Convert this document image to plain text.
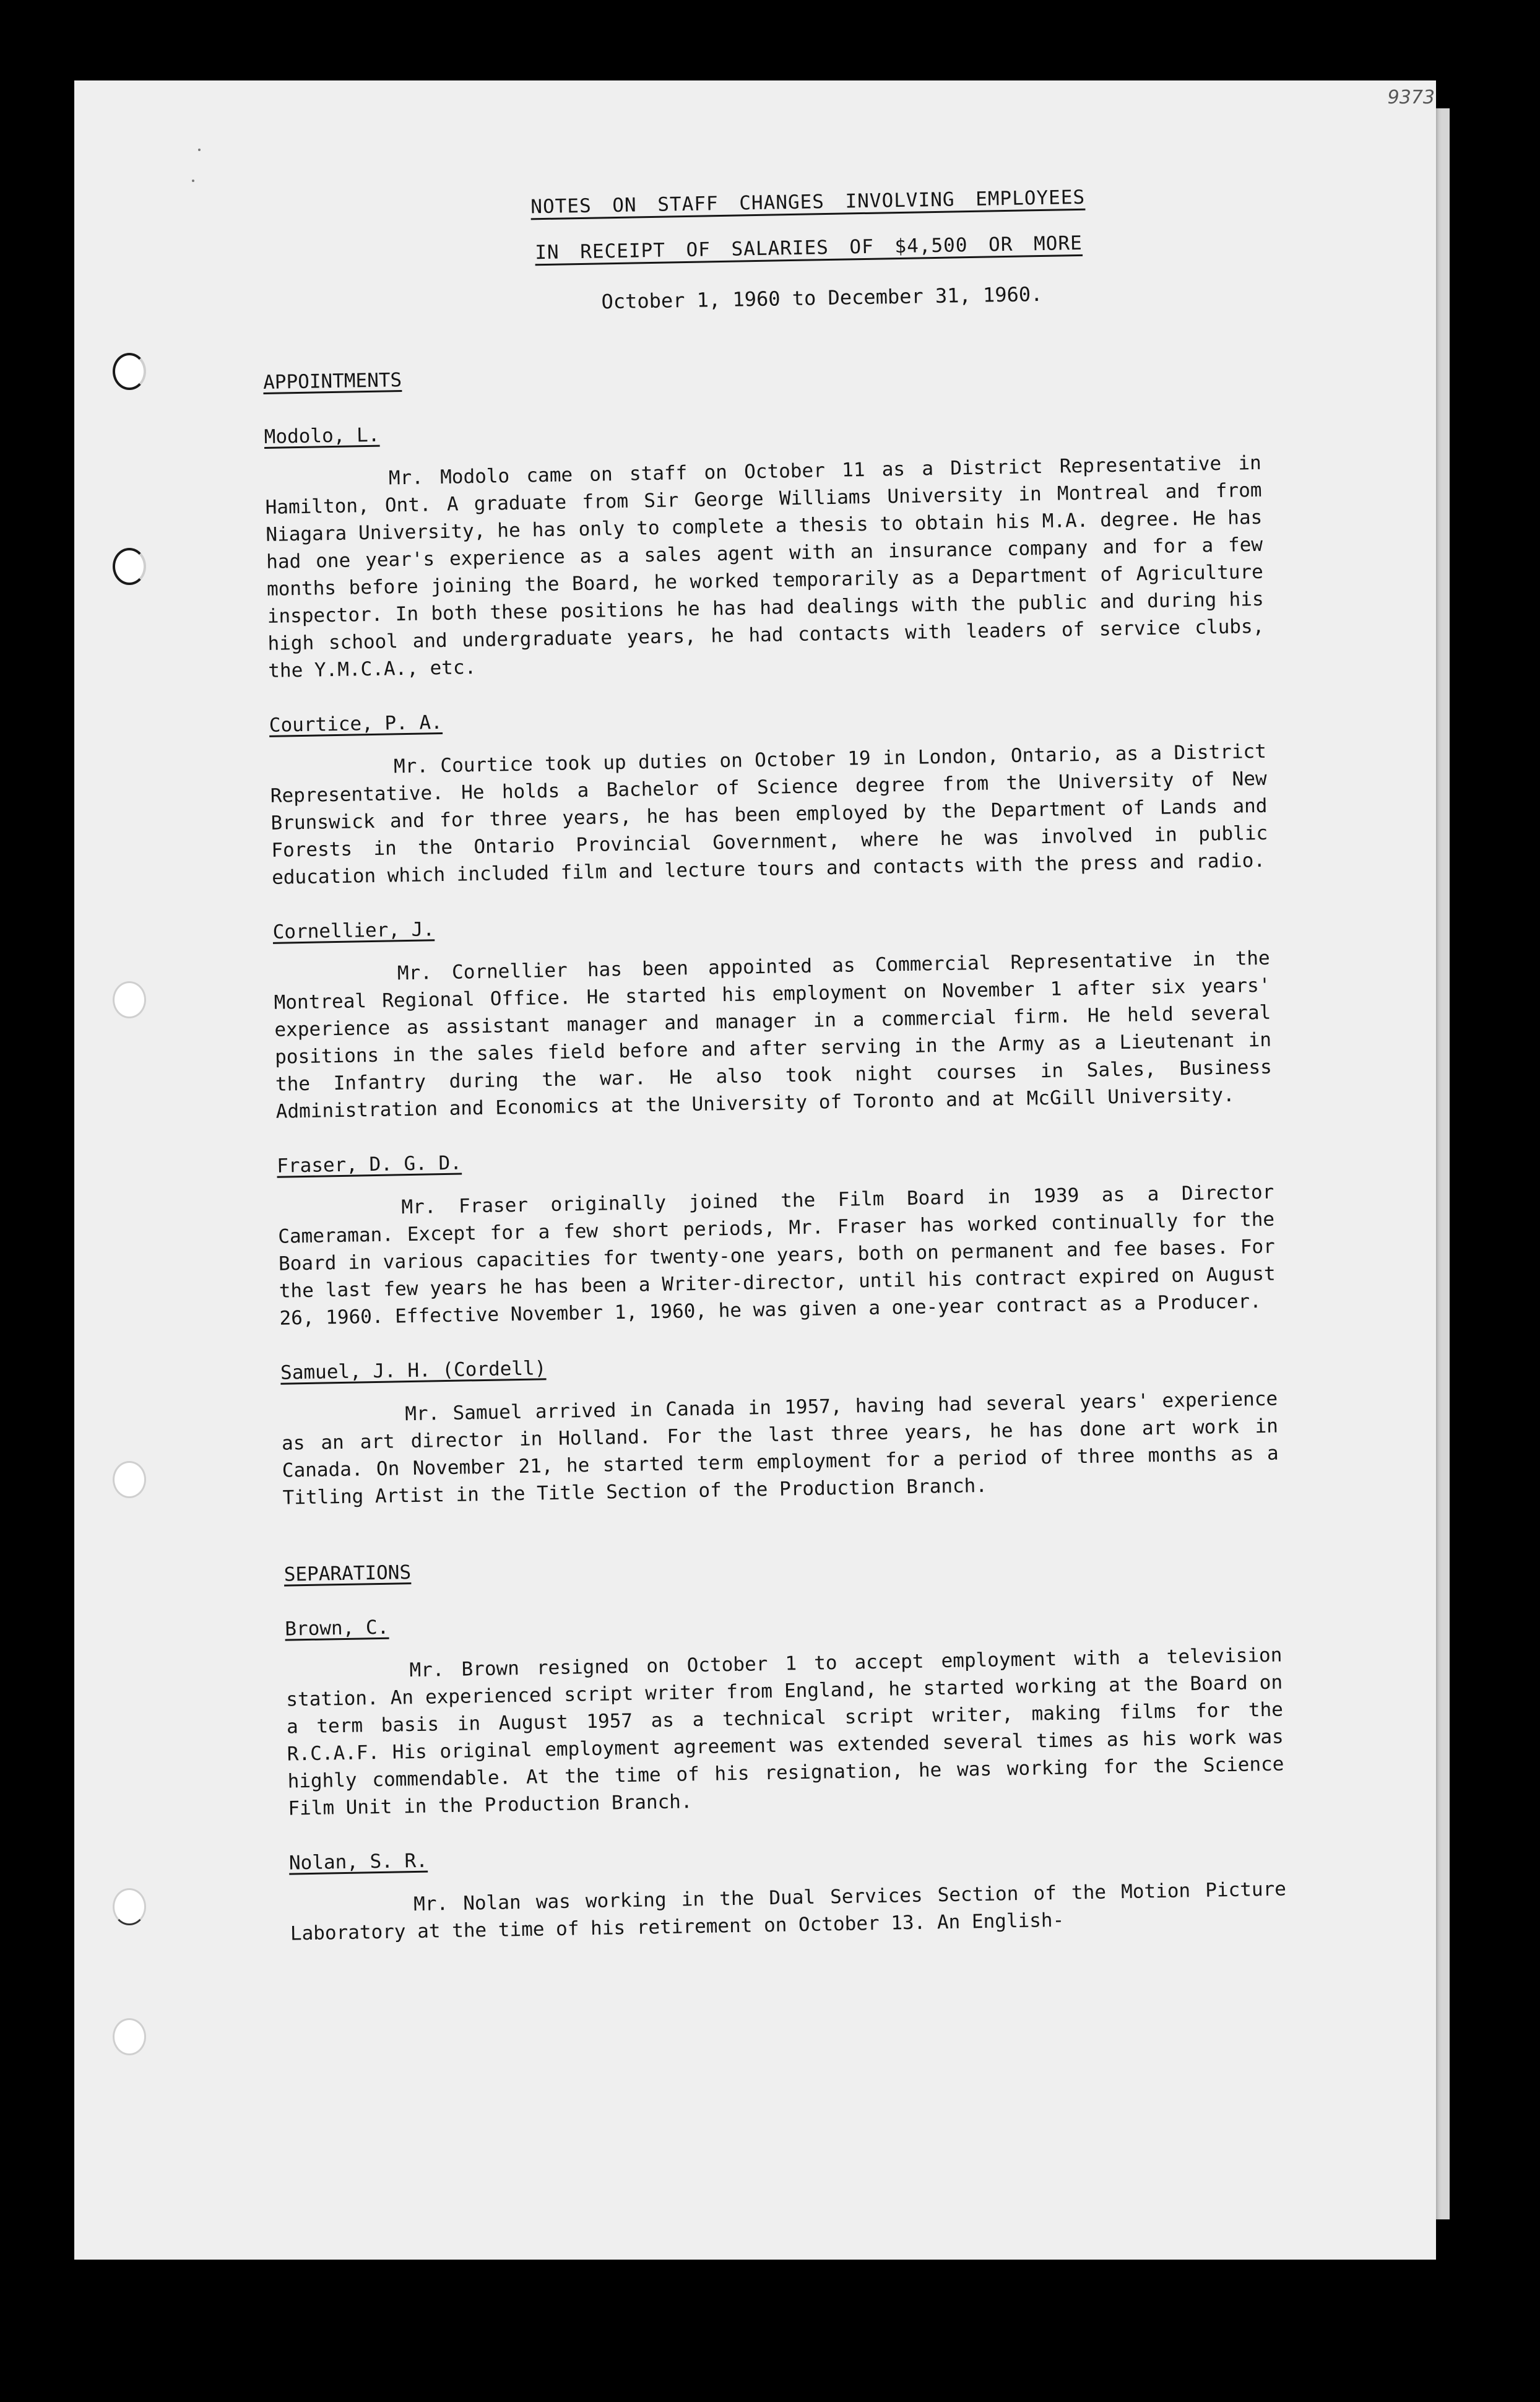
9373

NOTES ON STAFF CHANGES INVOLVING EMPLOYEES

IN RECEIPT OF SALARIES OF $4,500 OR MORE

October 1, 1960 to December 31, 1960.

APPOINTMENTS

Modolo, L.

Mr. Modolo came on staff on October 11 as a District Representative in Hamilton, Ont. A graduate from Sir George Williams University in Montreal and from Niagara University, he has only to complete a thesis to obtain his M.A. degree. He has had one year's experience as a sales agent with an insurance company and for a few months before joining the Board, he worked temporarily as a Department of Agriculture inspector. In both these positions he has had dealings with the public and during his high school and undergraduate years, he had contacts with leaders of service clubs, the Y.M.C.A., etc.

Courtice, P. A.

Mr. Courtice took up duties on October 19 in London, Ontario, as a District Representative. He holds a Bachelor of Science degree from the University of New Brunswick and for three years, he has been employed by the Department of Lands and Forests in the Ontario Provincial Government, where he was involved in public education which included film and lecture tours and contacts with the press and radio.

Cornellier, J.

Mr. Cornellier has been appointed as Commercial Representative in the Montreal Regional Office. He started his employment on November 1 after six years' experience as assistant manager and manager in a commercial firm. He held several positions in the sales field before and after serving in the Army as a Lieutenant in the Infantry during the war. He also took night courses in Sales, Business Administration and Economics at the University of Toronto and at McGill University.

Fraser, D. G. D.

Mr. Fraser originally joined the Film Board in 1939 as a Director Cameraman. Except for a few short periods, Mr. Fraser has worked continually for the Board in various capacities for twenty-one years, both on permanent and fee bases. For the last few years he has been a Writer-director, until his contract expired on August 26, 1960. Effective November 1, 1960, he was given a one-year contract as a Producer.

Samuel, J. H. (Cordell)

Mr. Samuel arrived in Canada in 1957, having had several years' experience as an art director in Holland. For the last three years, he has done art work in Canada. On November 21, he started term employment for a period of three months as a Titling Artist in the Title Section of the Production Branch.

SEPARATIONS

Brown, C.

Mr. Brown resigned on October 1 to accept employment with a television station. An experienced script writer from England, he started working at the Board on a term basis in August 1957 as a technical script writer, making films for the R.C.A.F. His original employment agreement was extended several times as his work was highly commendable. At the time of his resignation, he was working for the Science Film Unit in the Production Branch.

Nolan, S. R.

Mr. Nolan was working in the Dual Services Section of the Motion Picture Laboratory at the time of his retirement on October 13. An English-
